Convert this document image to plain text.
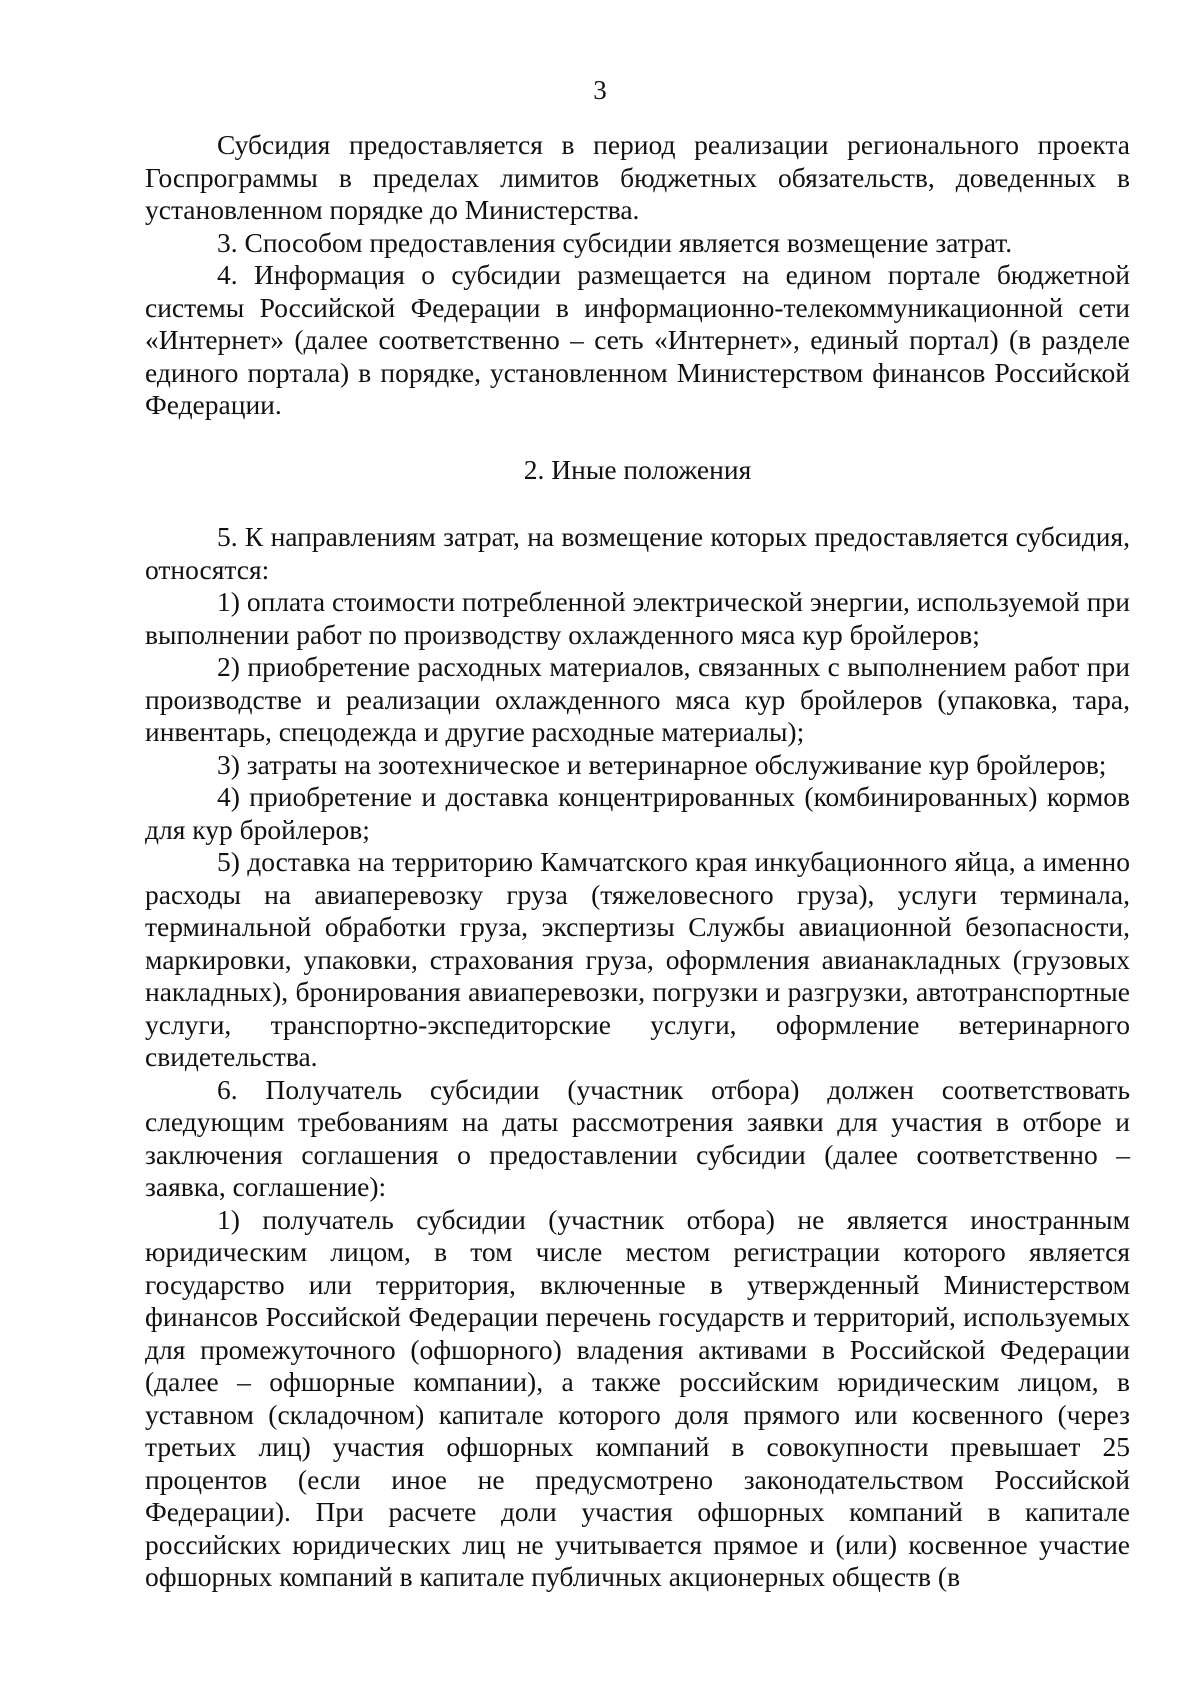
3

Субсидия предоставляется в период реализации регионального проекта Госпрограммы в пределах лимитов бюджетных обязательств, доведенных в установленном порядке до Министерства.

3. Способом предоставления субсидии является возмещение затрат.

4. Информация о субсидии размещается на едином портале бюджетной системы Российской Федерации в информационно-телекоммуникационной сети «Интернет» (далее соответственно – сеть «Интернет», единый портал) (в разделе единого портала) в порядке, установленном Министерством финансов Российской Федерации.

2. Иные положения

5. К направлениям затрат, на возмещение которых предоставляется субсидия, относятся:

1) оплата стоимости потребленной электрической энергии, используемой при выполнении работ по производству охлажденного мяса кур бройлеров;

2) приобретение расходных материалов, связанных с выполнением работ при производстве и реализации охлажденного мяса кур бройлеров (упаковка, тара, инвентарь, спецодежда и другие расходные материалы);

3) затраты на зоотехническое и ветеринарное обслуживание кур бройлеров;

4) приобретение и доставка концентрированных (комбинированных) кормов для кур бройлеров;

5) доставка на территорию Камчатского края инкубационного яйца, а именно расходы на авиаперевозку груза (тяжеловесного груза), услуги терминала, терминальной обработки груза, экспертизы Службы авиационной безопасности, маркировки, упаковки, страхования груза, оформления авианакладных (грузовых накладных), бронирования авиаперевозки, погрузки и разгрузки, автотранспортные услуги, транспортно-экспедиторские услуги, оформление ветеринарного свидетельства.

6. Получатель субсидии (участник отбора) должен соответствовать следующим требованиям на даты рассмотрения заявки для участия в отборе и заключения соглашения о предоставлении субсидии (далее соответственно – заявка, соглашение):

1) получатель субсидии (участник отбора) не является иностранным юридическим лицом, в том числе местом регистрации которого является государство или территория, включенные в утвержденный Министерством финансов Российской Федерации перечень государств и территорий, используемых для промежуточного (офшорного) владения активами в Российской Федерации (далее – офшорные компании), а также российским юридическим лицом, в уставном (складочном) капитале которого доля прямого или косвенного (через третьих лиц) участия офшорных компаний в совокупности превышает 25 процентов (если иное не предусмотрено законодательством Российской Федерации). При расчете доли участия офшорных компаний в капитале российских юридических лиц не учитывается прямое и (или) косвенное участие офшорных компаний в капитале публичных акционерных обществ (в
